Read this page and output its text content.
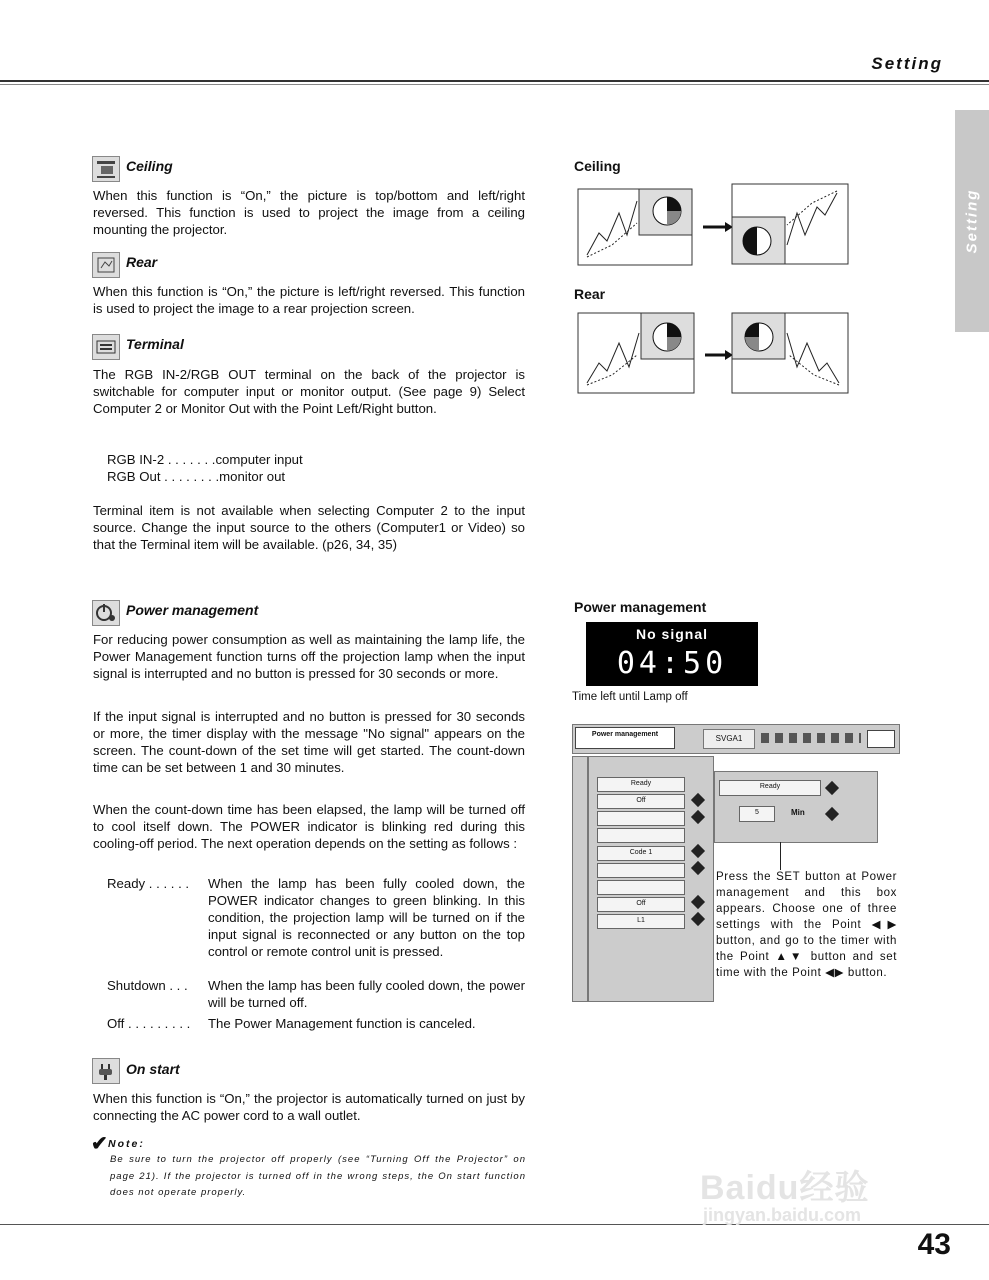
Setting
Setting
Ceiling
When this function is “On,” the picture is top/bottom and left/right reversed. This function is used to project the image from a ceiling mounting the projector.
Rear
When this function is “On,” the picture is left/right reversed. This function is used to project the image to a rear projection screen.
Terminal
The RGB IN-2/RGB OUT terminal on the back of the projector is switchable for computer input or monitor output. (See page 9) Select Computer 2 or Monitor Out with the Point Left/Right button.
RGB IN-2 . . . . . . .computer input
RGB Out . . . . . . . .monitor out
Terminal item is not available when selecting Computer 2 to the input source. Change the input source to the others (Computer1 or Video) so that the Terminal item will be available. (p26, 34, 35)
Power management
For reducing power consumption as well as maintaining the lamp life, the Power Management function turns off the projection lamp when the input signal is interrupted and no button is pressed for 30 seconds or more.
If the input signal is interrupted and no button is pressed for 30 seconds or more, the timer display with the message "No signal" appears on the screen. The count-down of the set time will get started. The count-down time can be set between 1 and 30 minutes.
When the count-down time has been elapsed, the lamp will be turned off to cool itself down. The POWER indicator is blinking red during this cooling-off period. The next operation depends on the setting as follows :
Ready . . . . . .	When the lamp has been fully cooled down, the POWER indicator changes to green blinking. In this condition, the projection lamp will be turned on if the input signal is reconnected or any button on the top control or remote control unit is pressed.
Shutdown . . .	When the lamp has been fully cooled down, the power will be turned off.
Off . . . . . . . . .	The Power Management function is canceled.
On start
When this function is “On,” the projector is automatically turned on just by connecting the AC power cord to a wall outlet.
✔ Note:
Be sure to turn the projector off properly (see “Turning Off the Projector” on page 21). If the projector is turned off in the wrong steps, the On start function does not operate properly.
Ceiling
Rear
Power management
No signal
04:50
Time left until Lamp off
Power management	SVGA1
Ready
Off
Code 1
Off
L1
Ready
5	Min
Press the SET button at Power management and this box appears. Choose one of three settings with the Point ◀▶ button, and go to the timer with the Point ▲▼ button and set time with the Point ◀▶ button.
43
Baidu经验
jingyan.baidu.com
